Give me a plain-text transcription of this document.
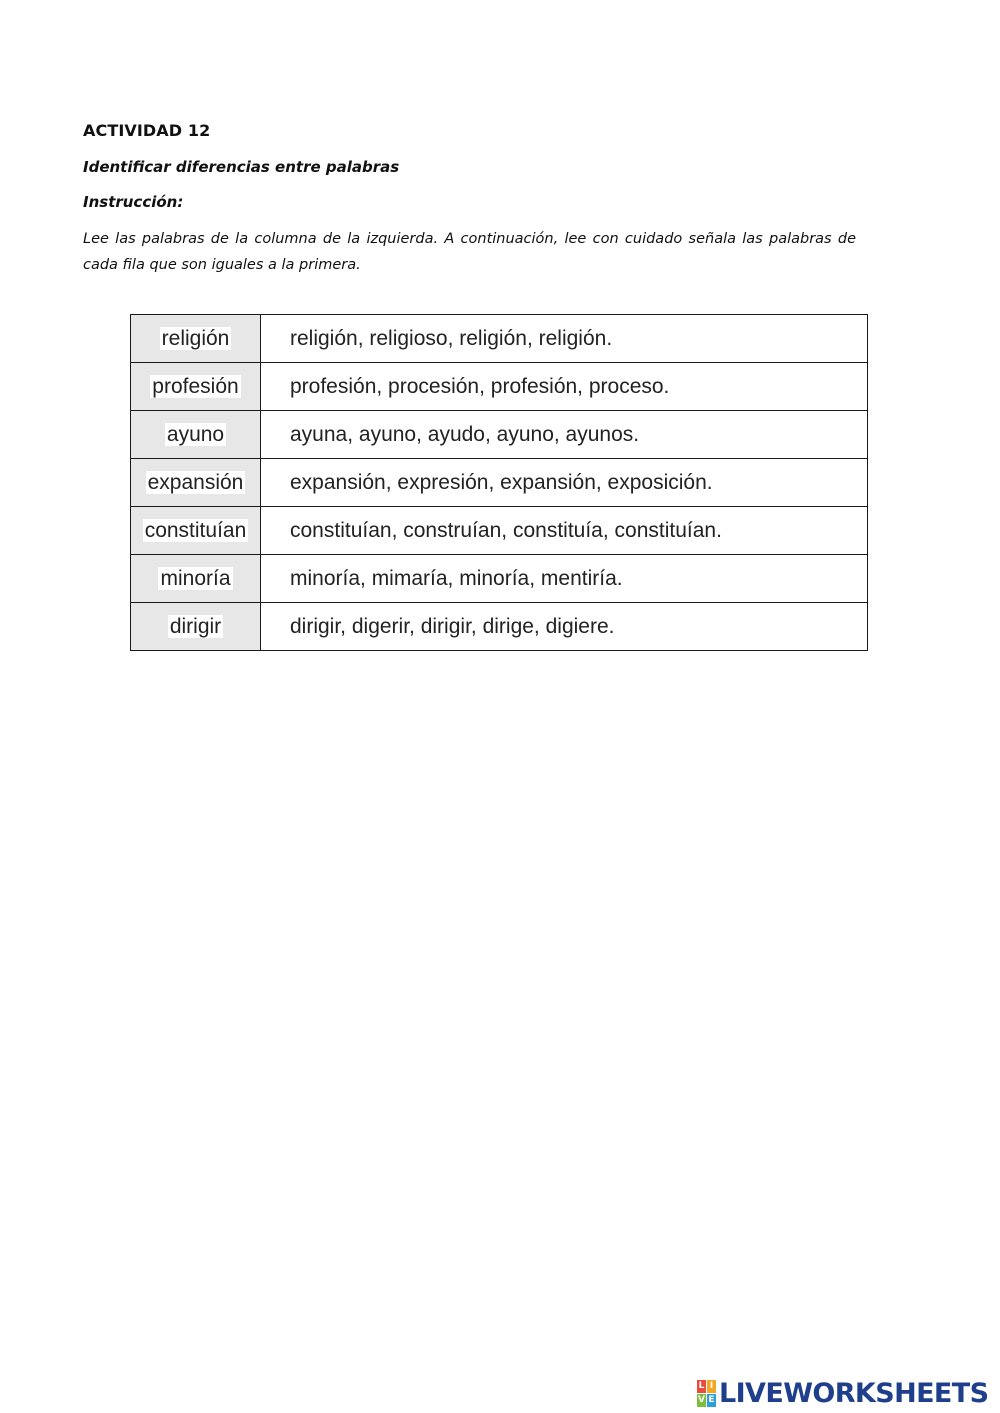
ACTIVIDAD 12
Identificar diferencias entre palabras
Instrucción:
Lee las palabras de la columna de la izquierda. A continuación, lee con cuidado señala las palabras de cada fila que son iguales a la primera.
religión	religión, religioso, religión, religión.
profesión	profesión, procesión, profesión, proceso.
ayuno	ayuna, ayuno, ayudo, ayuno, ayunos.
expansión	expansión, expresión, expansión, exposición.
constituían	constituían, construían, constituía, constituían.
minoría	minoría, mimaría, minoría, mentiría.
dirigir	dirigir, digerir, dirigir, dirige, digiere.
L I
V E LIVEWORKSHEETS
